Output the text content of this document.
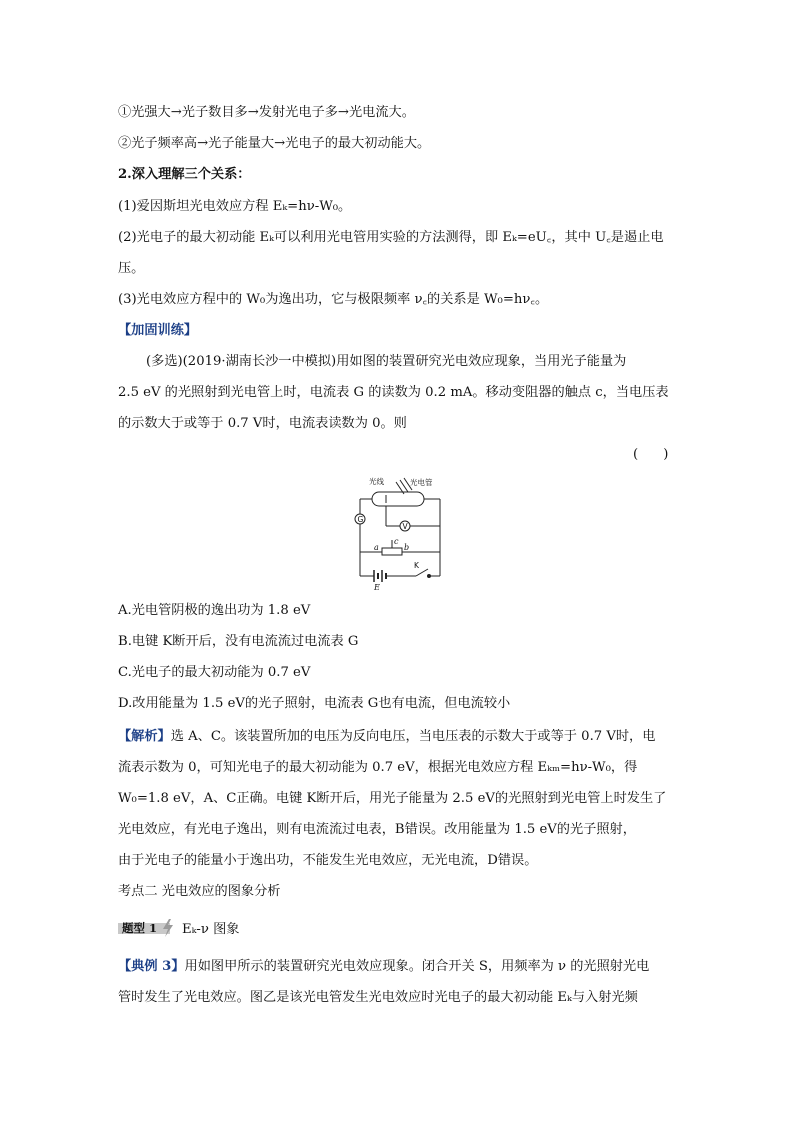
①光强大→光子数目多→发射光电子多→光电流大。
②光子频率高→光子能量大→光电子的最大初动能大。
2.深入理解三个关系：
(1)爱因斯坦光电效应方程 Eₖ=hν-W₀。
(2)光电子的最大初动能 Eₖ可以利用光电管用实验的方法测得，即 Eₖ=eU꜀，其中 U꜀是遏止电
压。
(3)光电效应方程中的 W₀为逸出功，它与极限频率 ν꜀的关系是 W₀=hν꜀。
【加固训练】
(多选)(2019·湖南长沙一中模拟)用如图的装置研究光电效应现象，当用光子能量为
2.5 eV 的光照射到光电管上时，电流表 G 的读数为 0.2 mA。移动变阻器的触点 c，当电压表
的示数大于或等于 0.7 V时，电流表读数为 0。则
(      )
光线	光电管
G
V
a
c
b
K
E
A.光电管阴极的逸出功为 1.8 eV
B.电键 K断开后，没有电流流过电流表 G
C.光电子的最大初动能为 0.7 eV
D.改用能量为 1.5 eV的光子照射，电流表 G也有电流，但电流较小
【解析】选 A、C。该装置所加的电压为反向电压，当电压表的示数大于或等于 0.7 V时，电
流表示数为 0，可知光电子的最大初动能为 0.7 eV，根据光电效应方程 Eₖₘ=hν-W₀，得
W₀=1.8 eV，A、C正确。电键 K断开后，用光子能量为 2.5 eV的光照射到光电管上时发生了
光电效应，有光电子逸出，则有电流流过电表，B错误。改用能量为 1.5 eV的光子照射，
由于光电子的能量小于逸出功，不能发生光电效应，无光电流，D错误。
考点二 光电效应的图象分析
题型 1 Eₖ-ν 图象
【典例 3】用如图甲所示的装置研究光电效应现象。闭合开关 S，用频率为 ν 的光照射光电
管时发生了光电效应。图乙是该光电管发生光电效应时光电子的最大初动能 Eₖ与入射光频
